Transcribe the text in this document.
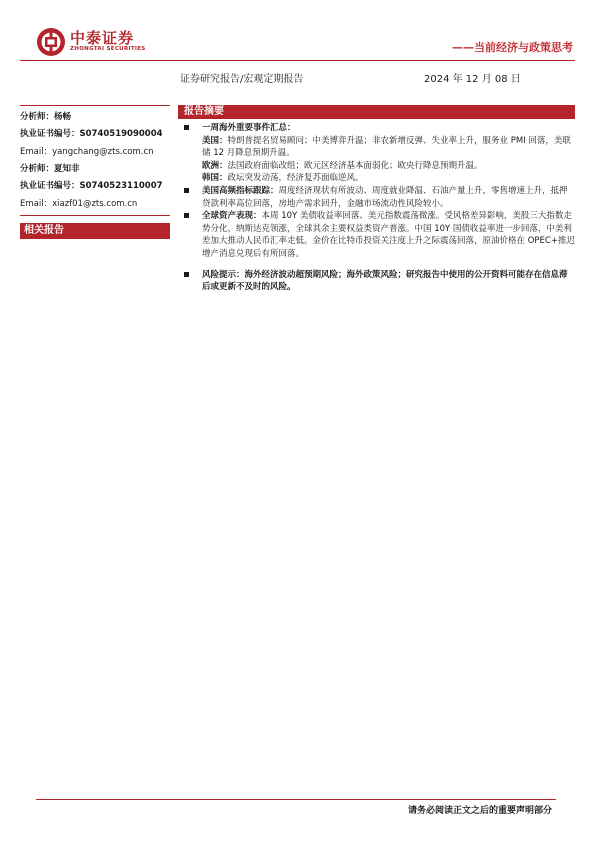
中泰证券
ZHONGTAI SECURITIES	——当前经济与政策思考
证券研究报告/宏观定期报告	2024 年 12 月 08 日
分析师：杨畅
执业证书编号：S0740519090004
Email：yangchang@zts.com.cn
分析师：夏知非
执业证书编号：S0740523110007
Email：xiazf01@zts.com.cn
相关报告
报告摘要
一周海外重要事件汇总：
美国：特朗普提名贸易顾问；中美博弈升温；非农新增反弹、失业率上升，服务业 PMI 回落，美联储 12 月降息预期升温。
欧洲：法国政府面临改组；欧元区经济基本面弱化；欧央行降息预期升温。
韩国：政坛突发动荡，经济复苏面临逆风。
美国高频指标跟踪：周度经济现状有所波动、周度就业降温、石油产量上升，零售增速上升，抵押贷款利率高位回落，房地产需求回升，金融市场流动性风险较小。
全球资产表现：本周 10Y 美债收益率回落、美元指数震荡微涨。受风格差异影响，美股三大指数走势分化，纳斯达克领涨，全球其余主要权益类资产普涨。中国 10Y 国债收益率进一步回落，中美利差加大推动人民币汇率走低。金价在比特币投资关注度上升之际震荡回落，原油价格在 OPEC+推迟增产消息兑现后有所回落。
风险提示：海外经济波动超预期风险；海外政策风险；研究报告中使用的公开资料可能存在信息滞后或更新不及时的风险。
请务必阅读正文之后的重要声明部分
